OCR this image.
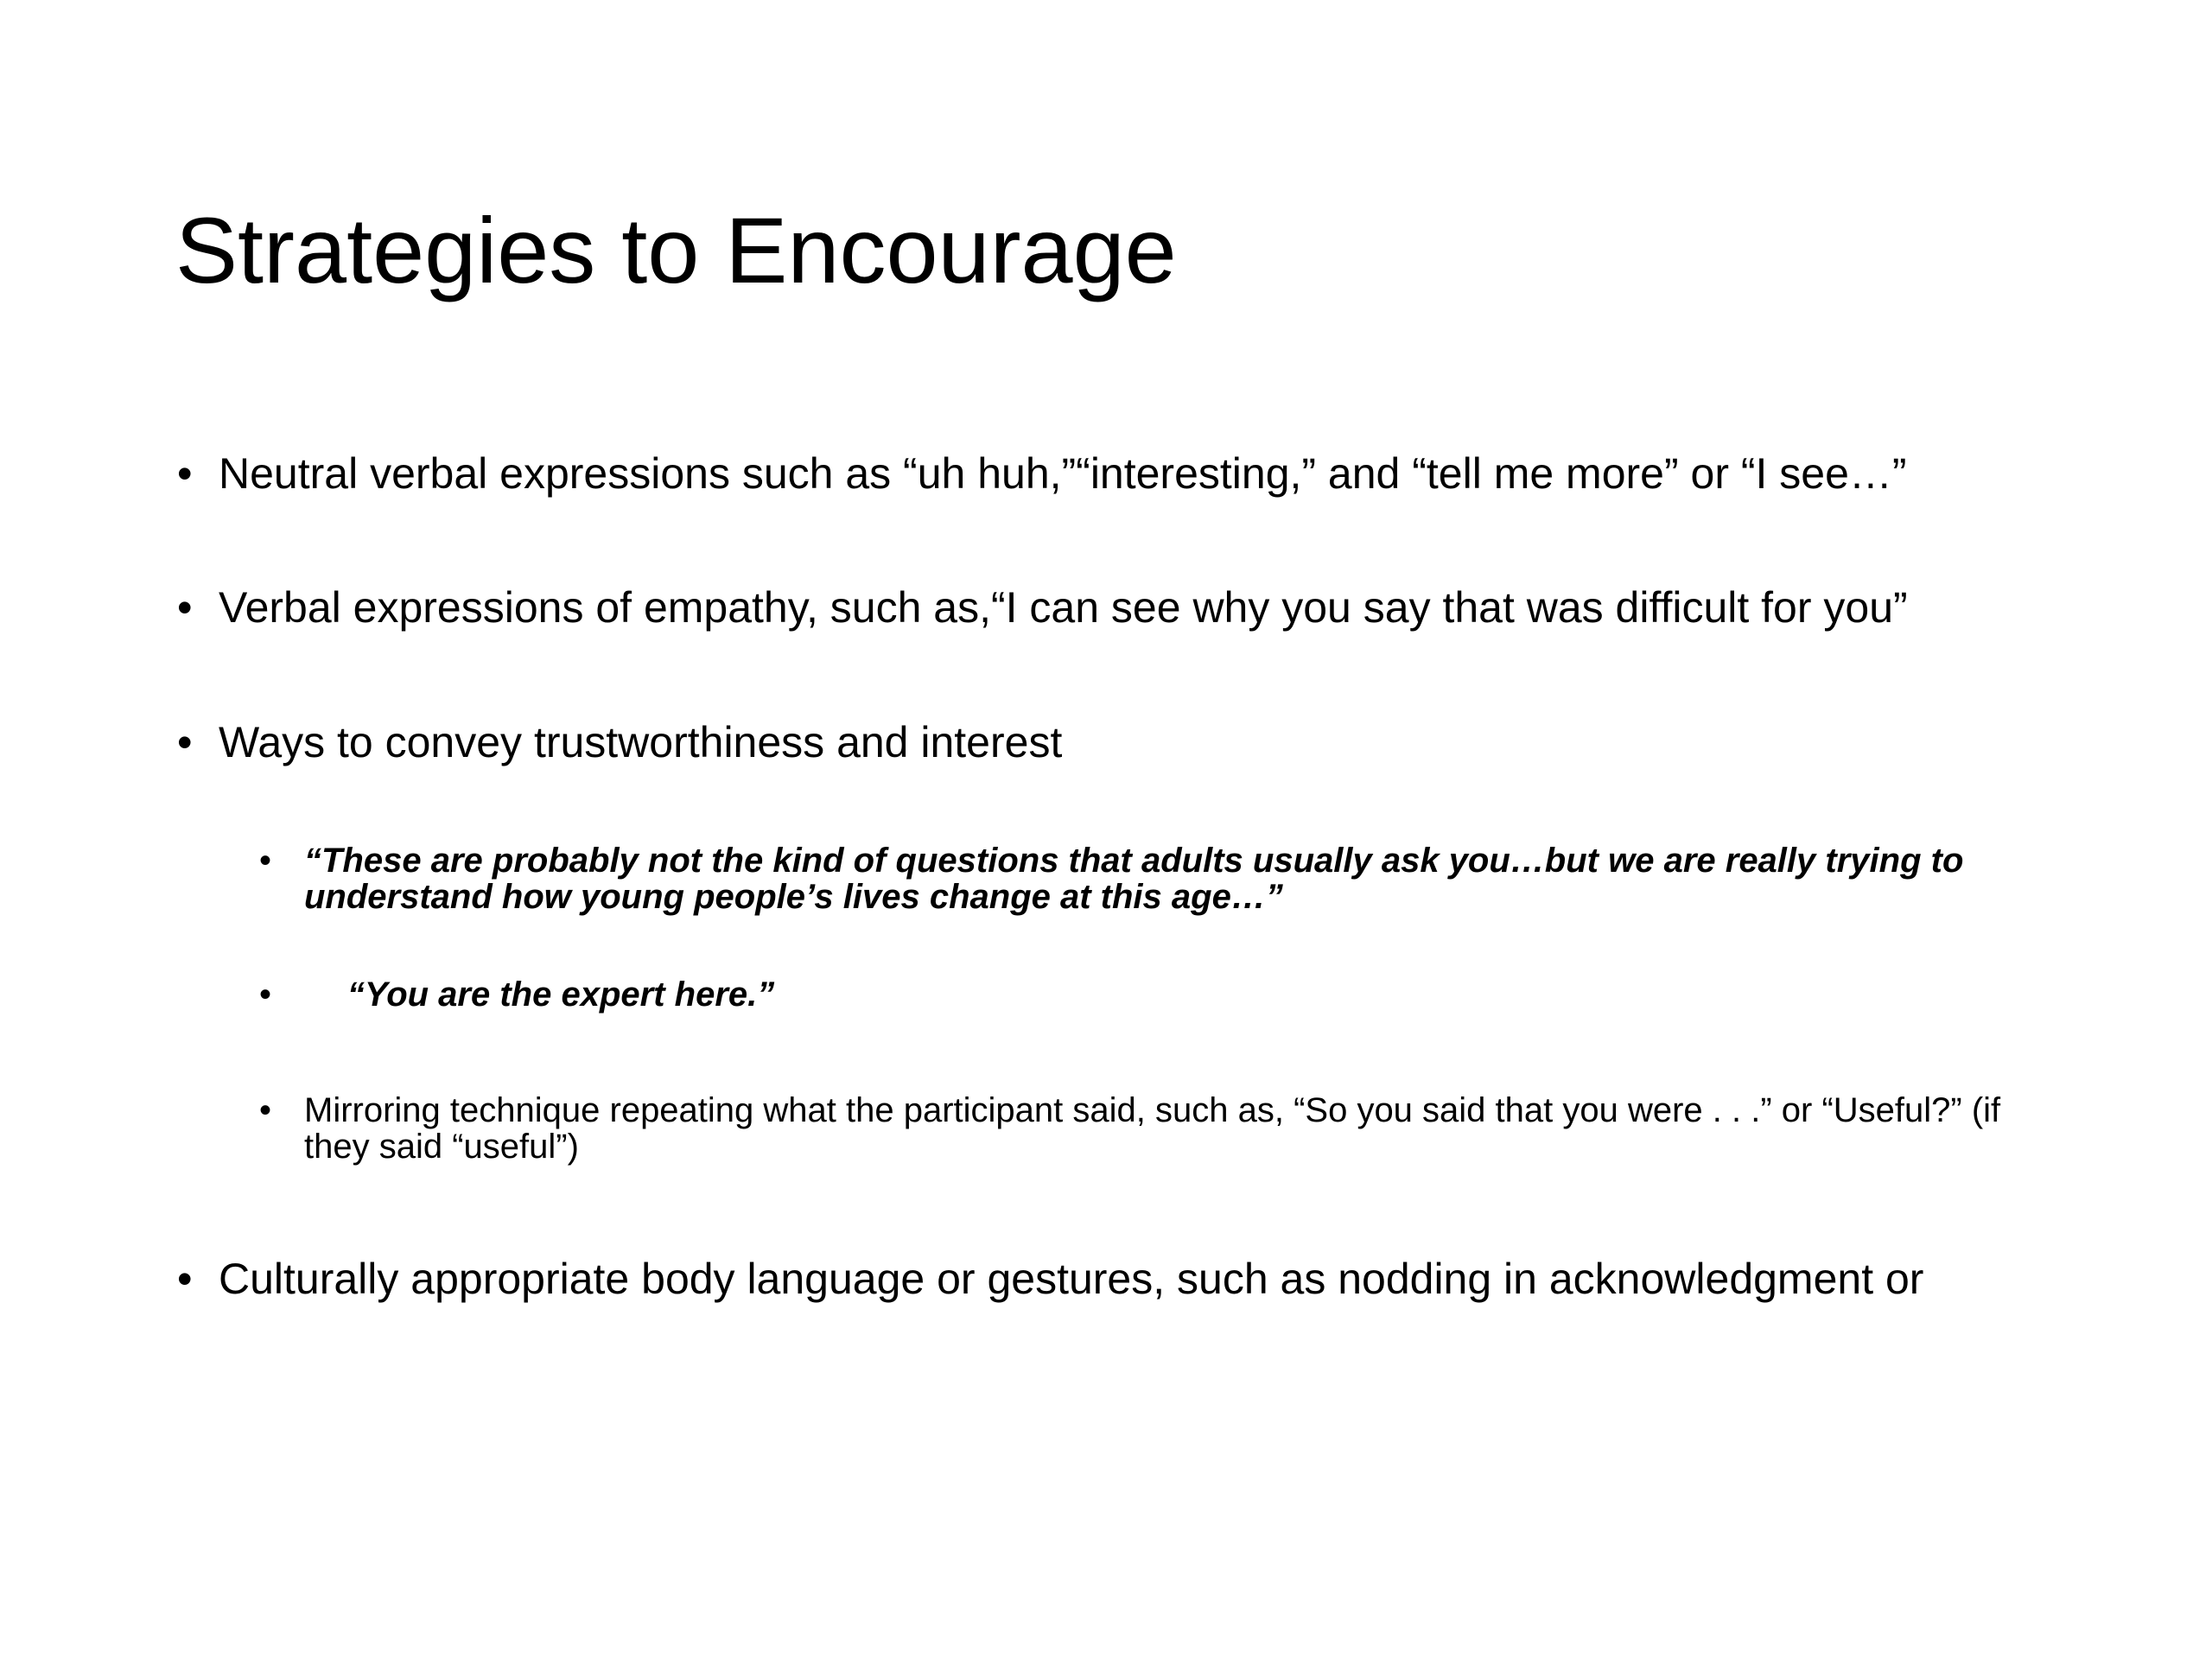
Strategies to Encourage
• Neutral verbal expressions such as “uh huh,”“interesting,” and “tell me more” or “I see…”
• Verbal expressions of empathy, such as,“I can see why you say that was difficult for you”
• Ways to convey trustworthiness and interest
• “These are probably not the kind of questions that adults usually ask you…but we are really trying to understand how young people’s lives change at this age…”
•	“You are the expert here.”
• Mirroring technique repeating what the participant said, such as, “So you said that you were . . .” or “Useful?” (if they said “useful”)
• Culturally appropriate body language or gestures, such as nodding in acknowledgment or
